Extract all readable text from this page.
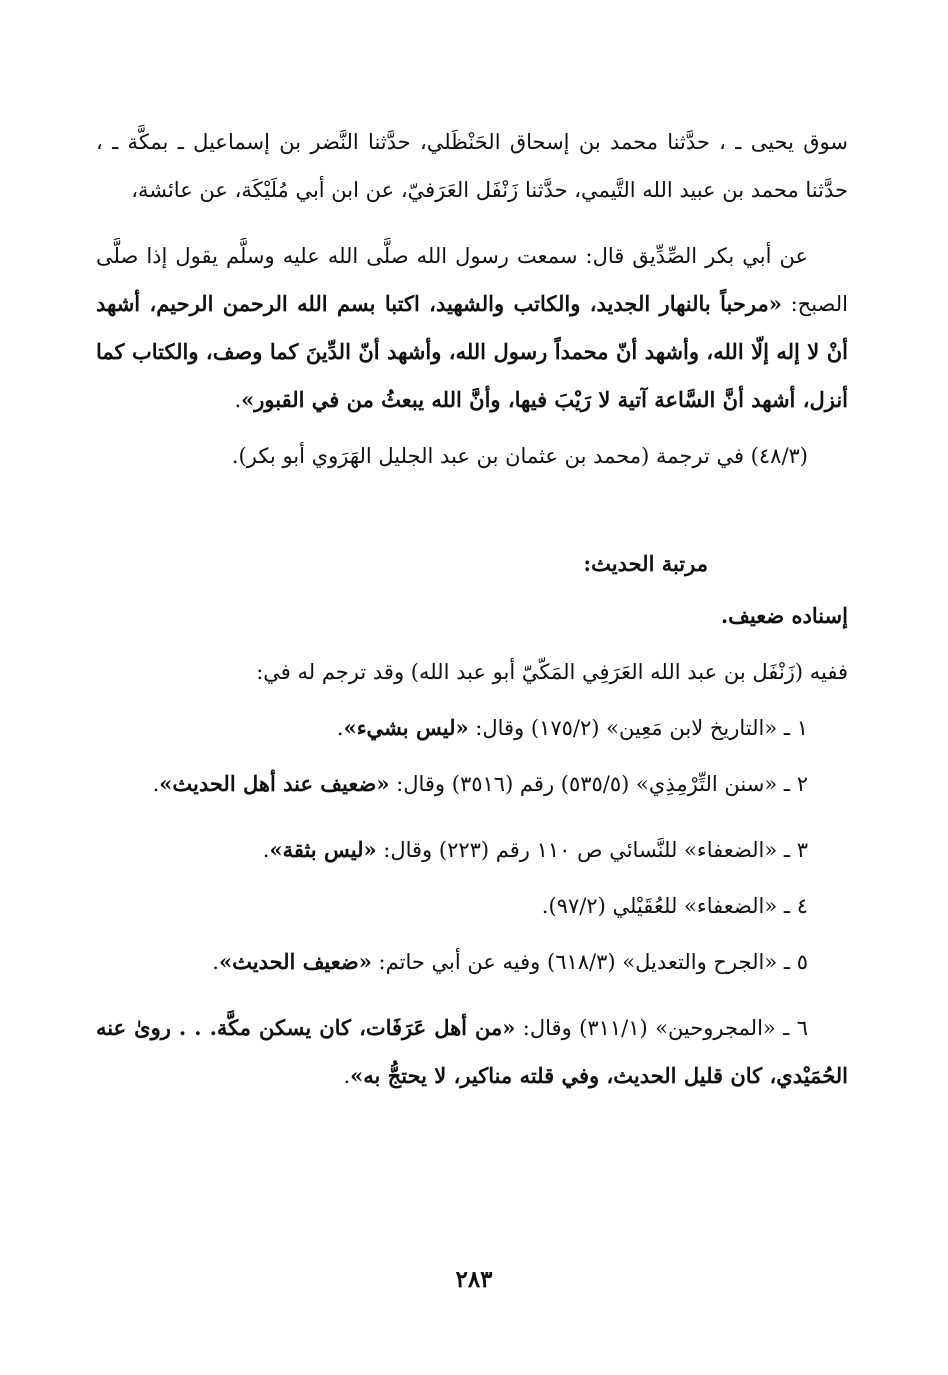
سوق يحيى ـ ، حدَّثنا محمد بن إسحاق الحَنْظَلي، حدَّثنا النَّضر بن إسماعيل ـ بمكَّة ـ ، حدَّثنا محمد بن عبيد الله التَّيمي، حدَّثنا زَنْفَل العَرَفيّ، عن ابن أبي مُلَيْكَة، عن عائشة،

عن أبي بكر الصِّدِّيق قال: سمعت رسول الله صلَّى الله عليه وسلَّم يقول إذا صلَّى الصبح: «مرحباً بالنهار الجديد، والكاتب والشهيد، اكتبا بسم الله الرحمن الرحيم، أشهد أنْ لا إله إلّا الله، وأشهد أنّ محمداً رسول الله، وأشهد أنّ الدِّينَ كما وصف، والكتاب كما أنزل، أشهد أنَّ السَّاعة آتية لا رَيْبَ فيها، وأنَّ الله يبعثُ من في القبور».

(۳/٤٨) في ترجمة (محمد بن عثمان بن عبد الجليل الهَرَوي أبو بكر).

مرتبة الحديث:
إسناده ضعيف.

ففيه (زَنْفَل بن عبد الله العَرَفِي المَكّيّ أبو عبد الله) وقد ترجم له في:

۱ ـ «التاريخ لابن مَعِين» (١٧٥/٢) وقال: «ليس بشيء».

۲ ـ «سنن التِّرْمِذِي» (٥٣٥/٥) رقم (٣٥١٦) وقال: «ضعيف عند أهل الحديث».

۳ ـ «الضعفاء» للنَّسائي ص ١١٠ رقم (٢٢٣) وقال: «ليس بثقة».

٤ ـ «الضعفاء» للعُقَيْلي (٩٧/٢).

٥ ـ «الجرح والتعديل» (٦١٨/٣) وفيه عن أبي حاتم: «ضعيف الحديث».

٦ ـ «المجروحين» (٣١١/١) وقال: «من أهل عَرَفَات، كان يسكن مكَّة. . . روىٰ عنه الحُمَيْدي، كان قليل الحديث، وفي قلته مناكير، لا يحتجُّ به».

۲۸۳
